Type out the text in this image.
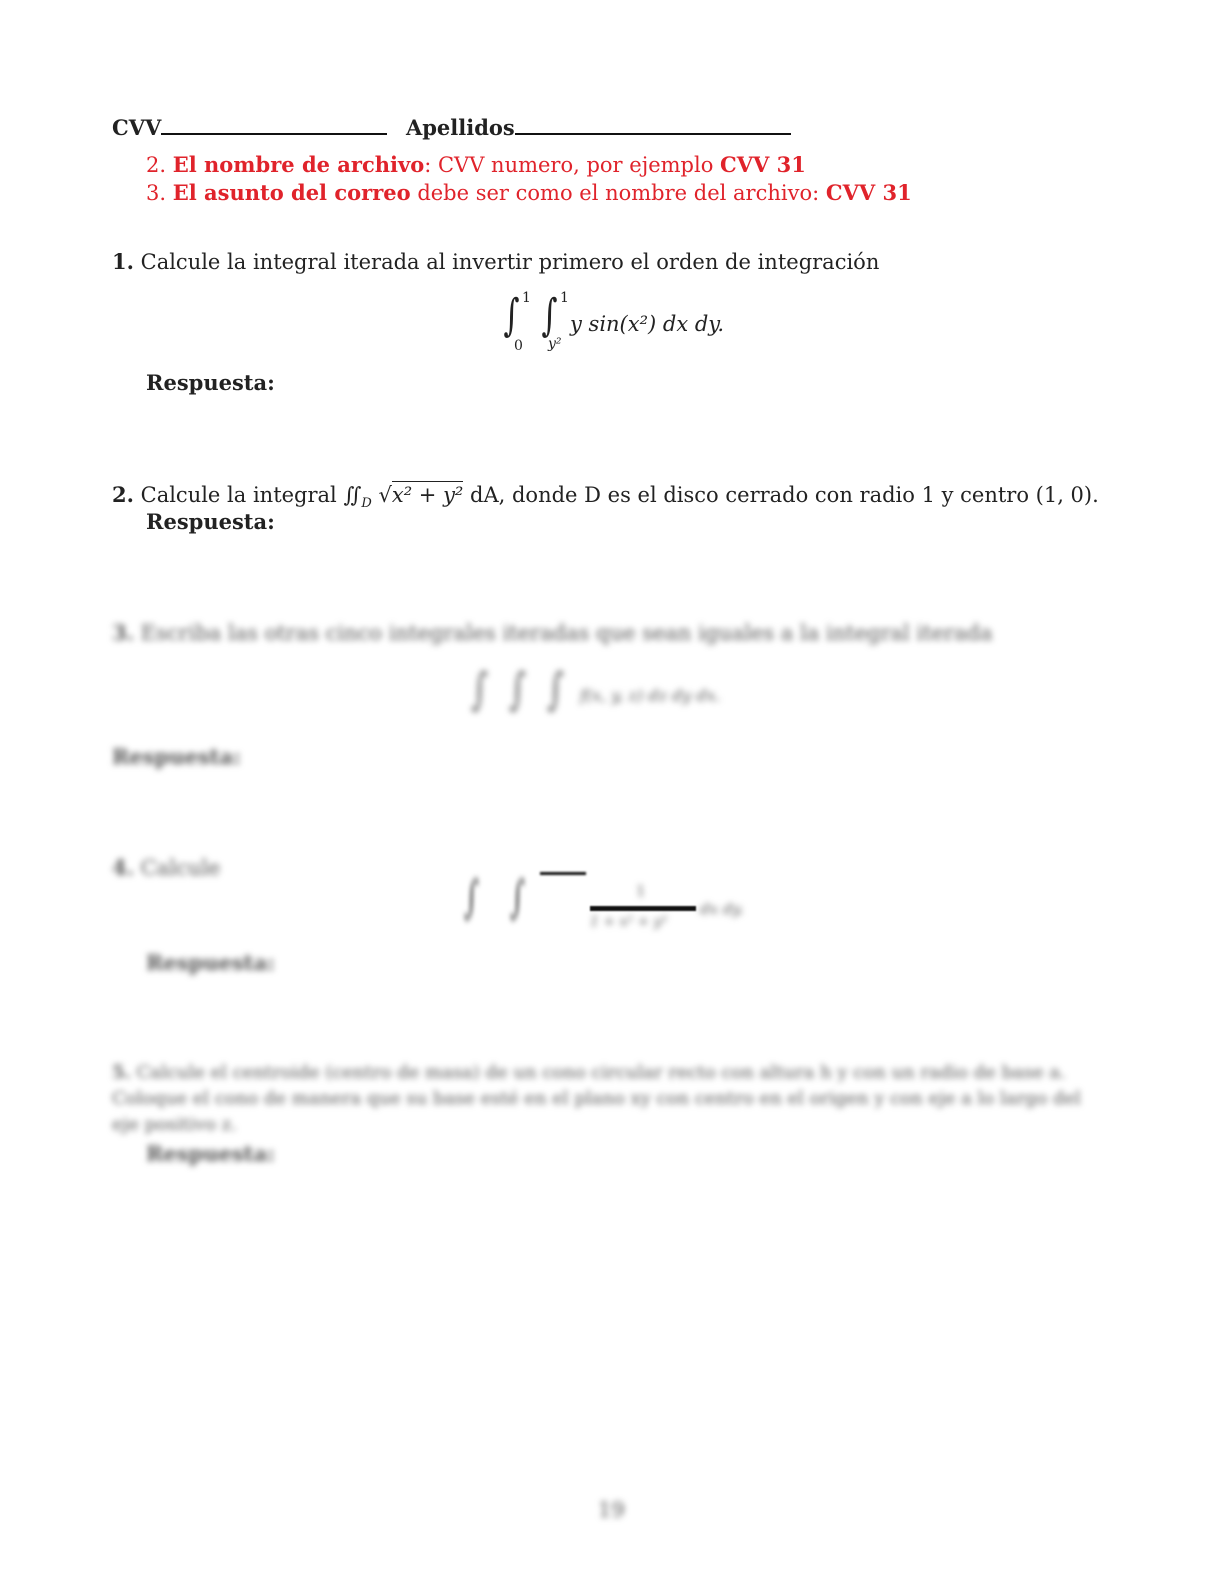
CVV	Apellidos
2. El nombre de archivo: CVV numero, por ejemplo CVV 31
3. El asunto del correo debe ser como el nombre del archivo: CVV 31
1. Calcule la integral iterada al invertir primero el orden de integración
∫ 1
0
∫ 1
y²
y sin(x²) dx dy.
Respuesta:
2. Calcule la integral $∬_D$ √x² + y² dA, donde D es el disco cerrado con radio 1 y centro (1, 0).
Respuesta:
3. Escriba las otras cinco integrales iteradas que sean iguales a la integral iterada
∫ ∫ ∫ f(x, y, z) dz dy dx.
Respuesta:
4. Calcule
∫ ∫	1
1 + x² + y²
dx dy.
Respuesta:
5. Calcule el centroide (centro de masa) de un cono circular recto con altura h y con un radio de base a.
Coloque el cono de manera que su base esté en el plano xy con centro en el origen y con eje a lo largo del
eje positivo z.
Respuesta:
19
